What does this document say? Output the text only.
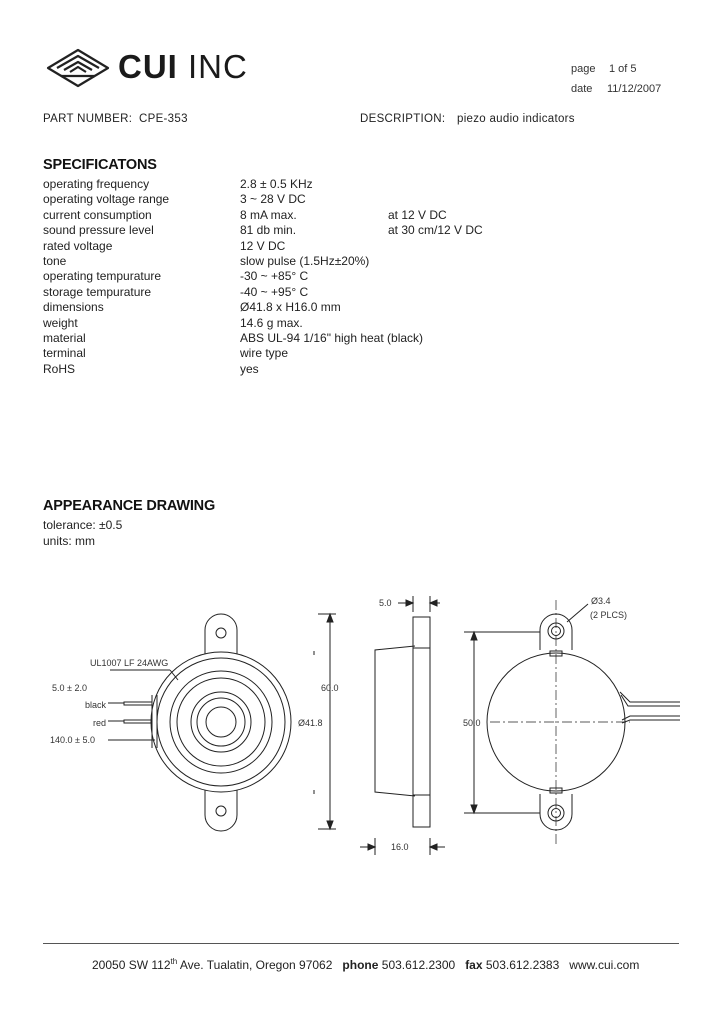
CUI INC	page 1 of 5
date 11/12/2007
PART NUMBER: CPE-353	DESCRIPTION: piezo audio indicators
SPECIFICATONS
operating frequency	2.8 ± 0.5 KHz
operating voltage range	3 ~ 28 V DC
current consumption	8 mA max.	at 12 V DC
sound pressure level	81 db min.	at 30 cm/12 V DC
rated voltage	12 V DC
tone	slow pulse (1.5Hz±20%)
operating tempurature	-30 ~ +85° C
storage tempurature	-40 ~ +95° C
dimensions	Ø41.8 x H16.0 mm
weight	14.6 g max.
material	ABS UL-94 1/16" high heat (black)
terminal	wire type
RoHS	yes
APPEARANCE DRAWING
tolerance: ±0.5
units: mm
UL1007 LF 24AWG
5.0 ± 2.0
black
red
140.0 ± 5.0
60.0
Ø41.8
5.0
16.0
Ø3.4
(2 PLCS)
50.0
20050 SW 112th Ave. Tualatin, Oregon 97062 phone 503.612.2300 fax 503.612.2383 www.cui.com
